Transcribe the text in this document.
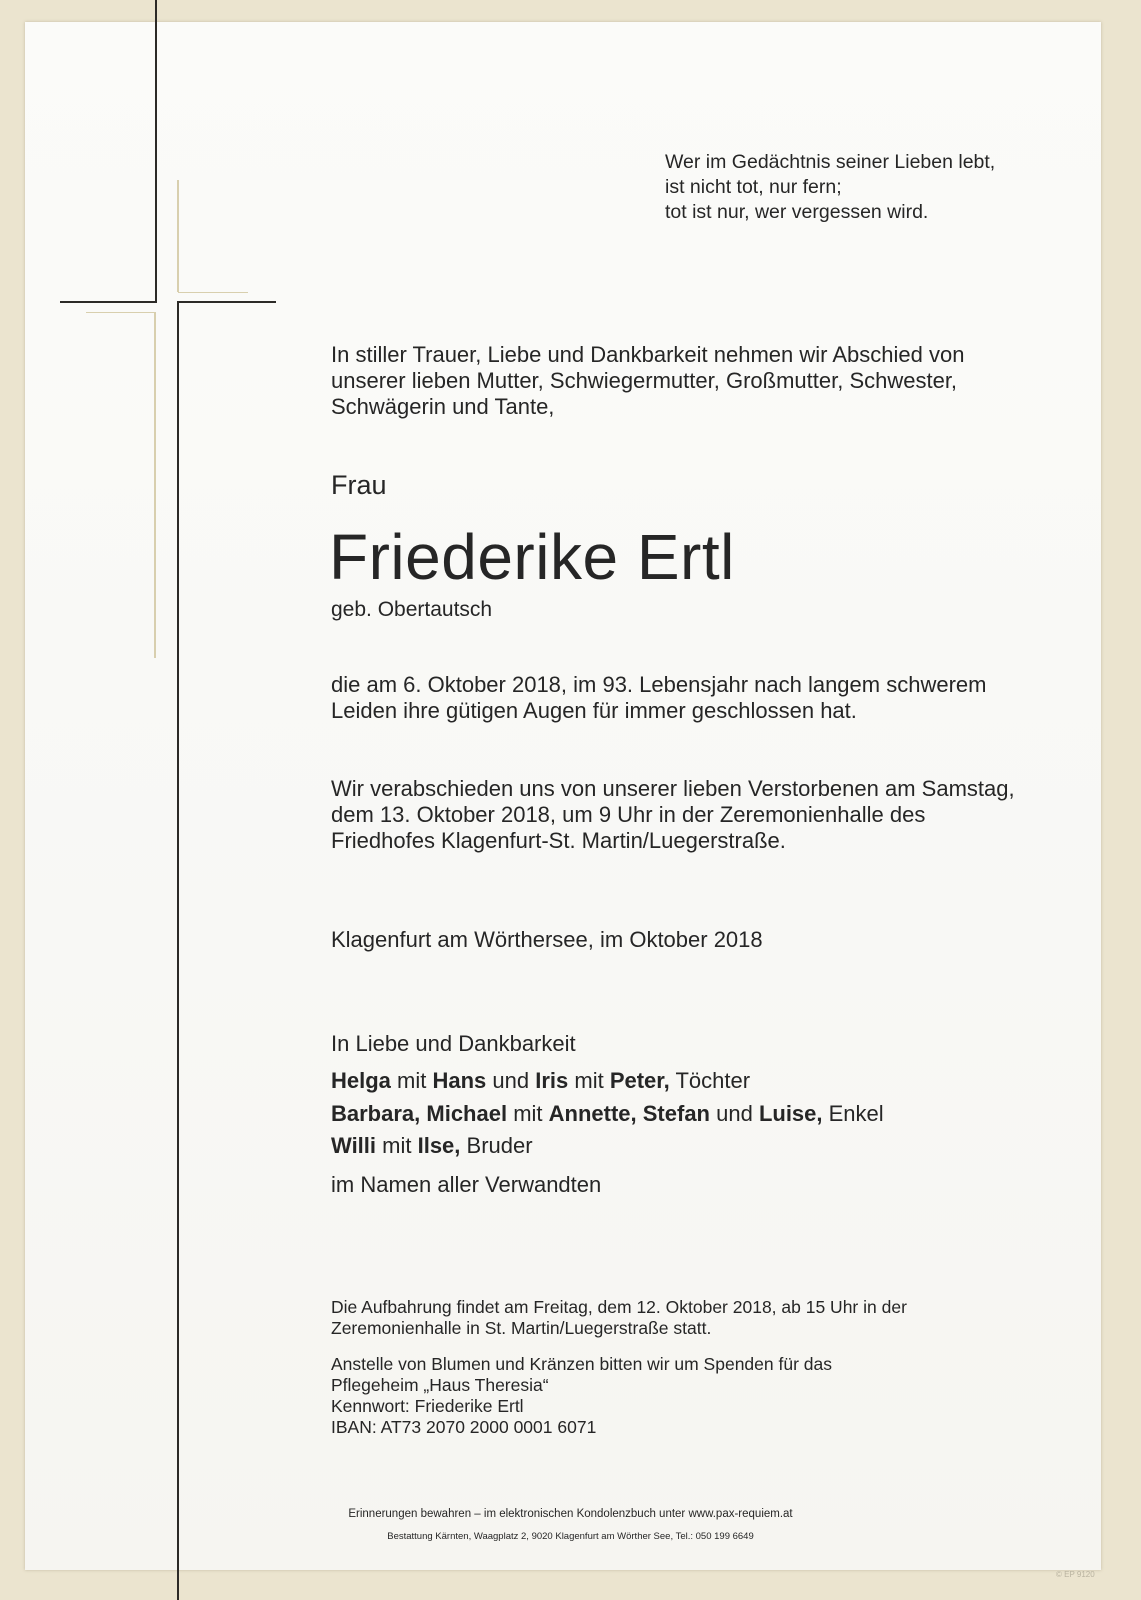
Wer im Gedächtnis seiner Lieben lebt,
ist nicht tot, nur fern;
tot ist nur, wer vergessen wird.
In stiller Trauer, Liebe und Dankbarkeit nehmen wir Abschied von
unserer lieben Mutter, Schwiegermutter, Großmutter, Schwester,
Schwägerin und Tante,
Frau
Friederike Ertl
geb. Obertautsch
die am 6. Oktober 2018, im 93. Lebensjahr nach langem schwerem
Leiden ihre gütigen Augen für immer geschlossen hat.
Wir verabschieden uns von unserer lieben Verstorbenen am Samstag,
dem 13. Oktober 2018, um 9 Uhr in der Zeremonienhalle des
Friedhofes Klagenfurt-St. Martin/Luegerstraße.
Klagenfurt am Wörthersee, im Oktober 2018
In Liebe und Dankbarkeit
Helga mit Hans und Iris mit Peter, Töchter
Barbara, Michael mit Annette, Stefan und Luise, Enkel
Willi mit Ilse, Bruder
im Namen aller Verwandten
Die Aufbahrung findet am Freitag, dem 12. Oktober 2018, ab 15 Uhr in der
Zeremonienhalle in St. Martin/Luegerstraße statt.
Anstelle von Blumen und Kränzen bitten wir um Spenden für das
Pflegeheim „Haus Theresia“
Kennwort: Friederike Ertl
IBAN: AT73 2070 2000 0001 6071
Erinnerungen bewahren – im elektronischen Kondolenzbuch unter www.pax-requiem.at
Bestattung Kärnten, Waagplatz 2, 9020 Klagenfurt am Wörther See, Tel.: 050 199 6649
© EP 9120
